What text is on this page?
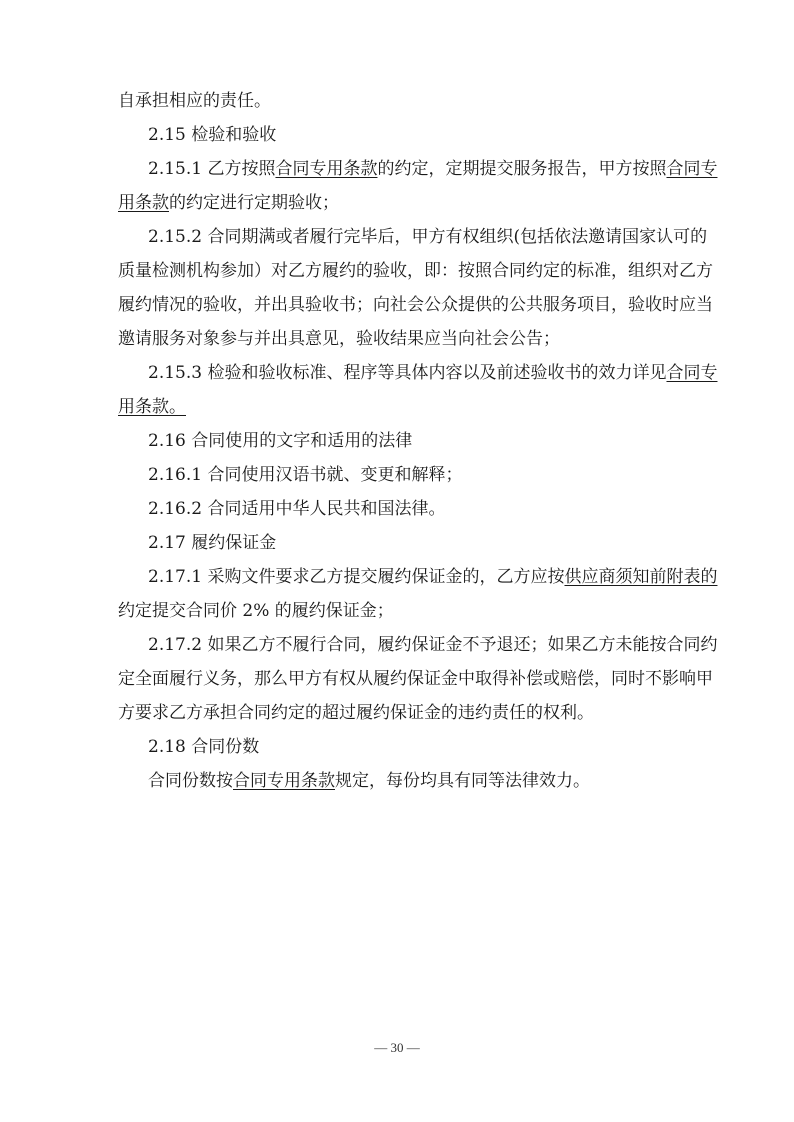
自承担相应的责任。
2.15 检验和验收
2.15.1 乙方按照合同专用条款的约定，定期提交服务报告，甲方按照合同专
用条款的约定进行定期验收；
2.15.2 合同期满或者履行完毕后，甲方有权组织(包括依法邀请国家认可的
质量检测机构参加）对乙方履约的验收，即：按照合同约定的标准，组织对乙方
履约情况的验收，并出具验收书；向社会公众提供的公共服务项目，验收时应当
邀请服务对象参与并出具意见，验收结果应当向社会公告；
2.15.3 检验和验收标准、程序等具体内容以及前述验收书的效力详见合同专
用条款。
2.16 合同使用的文字和适用的法律
2.16.1 合同使用汉语书就、变更和解释；
2.16.2 合同适用中华人民共和国法律。
2.17 履约保证金
2.17.1 采购文件要求乙方提交履约保证金的，乙方应按供应商须知前附表的
约定提交合同价 2% 的履约保证金；
2.17.2 如果乙方不履行合同，履约保证金不予退还；如果乙方未能按合同约
定全面履行义务，那么甲方有权从履约保证金中取得补偿或赔偿，同时不影响甲
方要求乙方承担合同约定的超过履约保证金的违约责任的权利。
2.18 合同份数
合同份数按合同专用条款规定，每份均具有同等法律效力。
— 30 —
